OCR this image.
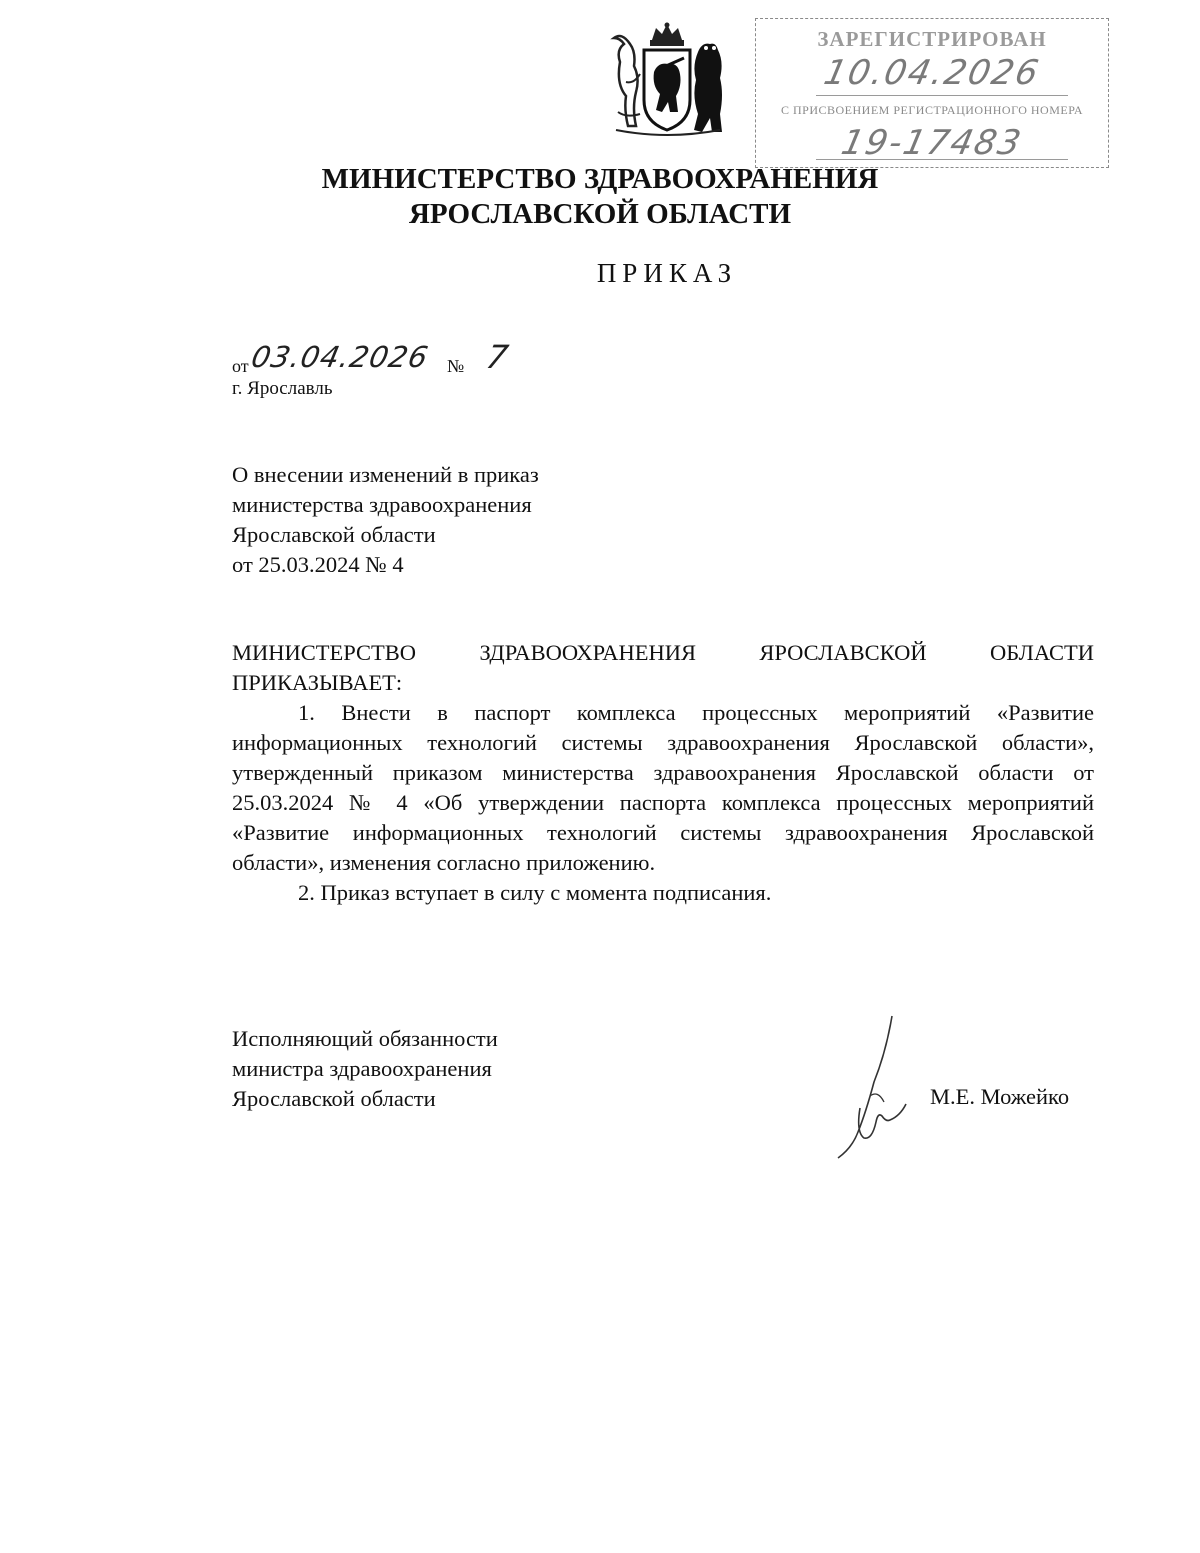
ЗАРЕГИСТРИРОВАН
10.04.2026
С ПРИСВОЕНИЕМ РЕГИСТРАЦИОННОГО НОМЕРА
19-17483
МИНИСТЕРСТВО ЗДРАВООХРАНЕНИЯ
ЯРОСЛАВСКОЙ ОБЛАСТИ
ПРИКАЗ
от 03.04.2026 № 7
г. Ярославль
О внесении изменений в приказ
министерства здравоохранения
Ярославской области
от 25.03.2024 № 4

МИНИСТЕРСТВО ЗДРАВООХРАНЕНИЯ ЯРОСЛАВСКОЙ ОБЛАСТИ

ПРИКАЗЫВАЕТ:

1. Внести в паспорт комплекса процессных мероприятий «Развитие информационных технологий системы здравоохранения Ярославской области», утвержденный приказом министерства здравоохранения Ярославской области от 25.03.2024 № 4 «Об утверждении паспорта комплекса процессных мероприятий «Развитие информационных технологий системы здравоохранения Ярославской области», изменения согласно приложению.

2. Приказ вступает в силу с момента подписания.

Исполняющий обязанности
министра здравоохранения
Ярославской области	М.Е. Можейко
